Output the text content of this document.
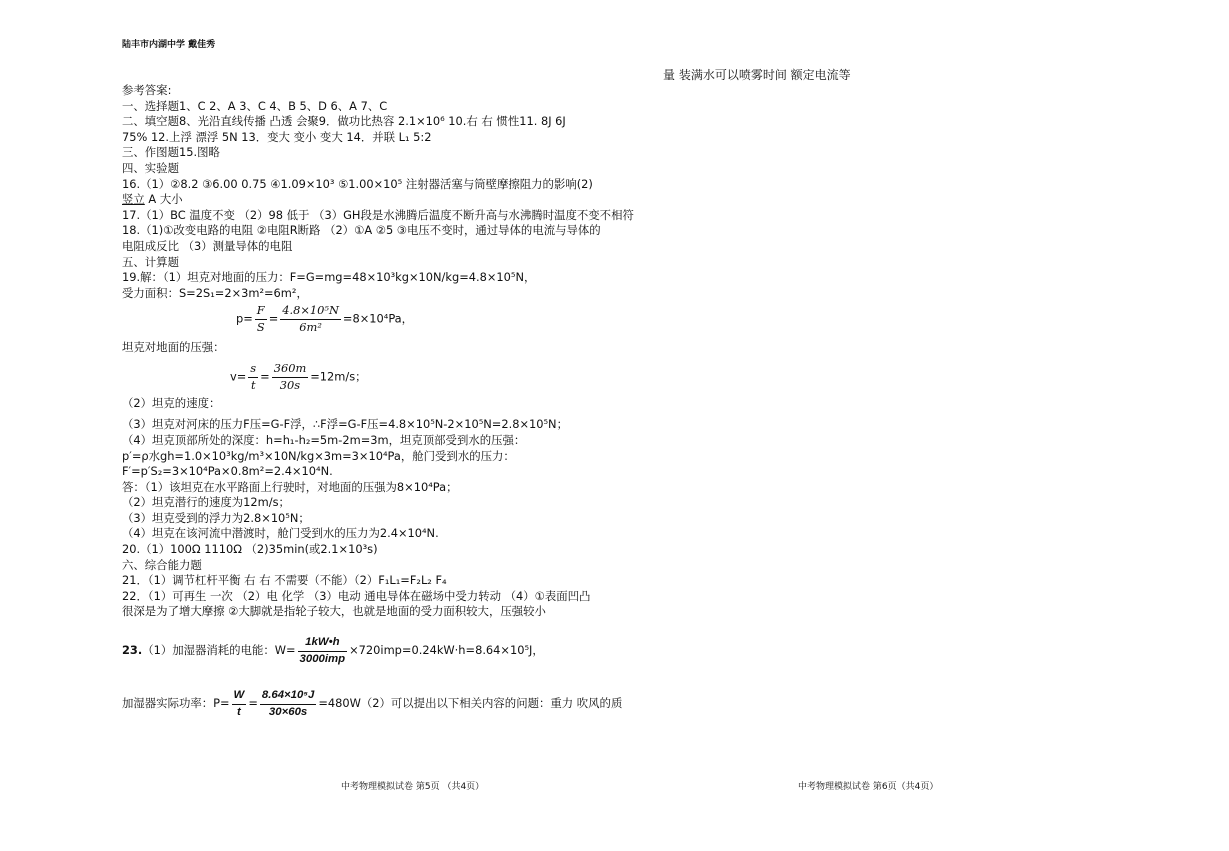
陆丰市内湖中学 戴佳秀
量 装满水可以喷雾时间 额定电流等
参考答案:
一、选择题1、C 2、A 3、C 4、B 5、D 6、A 7、C
二、填空题8、光沿直线传播 凸透 会聚9．做功比热容 2.1×10⁶ 10.右 右 惯性11. 8J 6J
75% 12.上浮 漂浮 5N 13．变大 变小 变大 14．并联 L₁ 5:2
三、作图题15.图略
四、实验题
16.（1）②8.2 ③6.00 0.75 ④1.09×10³ ⑤1.00×10⁵ 注射器活塞与筒壁摩擦阻力的影响(2)
竖立 A 大小
17.（1）BC 温度不变 （2）98 低于 （3）GH段是水沸腾后温度不断升高与水沸腾时温度不变不相符
18.（1)①改变电路的电阻 ②电阻R断路 （2）①A ②5 ③电压不变时，通过导体的电流与导体的
电阻成反比 （3）测量导体的电阻
五、计算题
19.解：（1）坦克对地面的压力：F=G=mg=48×10³kg×10N/kg=4.8×10⁵N，
受力面积：S=2S₁=2×3m²=6m²，
$p= \frac{F}{S} = \frac{\text{4.8×10⁵N}}{\text{6m²}} =8\times 10^4Pa$，
坦克对地面的压强：
$v= \frac{s}{t} = \frac{360m}{30s} =12m/s$；
（2）坦克的速度：
（3）坦克对河床的压力F压=G-F浮，∴F浮=G-F压=4.8×10⁵N-2×10⁵N=2.8×10⁵N；
（4）坦克顶部所处的深度：h=h₁-h₂=5m-2m=3m，坦克顶部受到水的压强：
p′=ρ水gh=1.0×10³kg/m³×10N/kg×3m=3×10⁴Pa，舱门受到水的压力：
F′=p′S₂=3×10⁴Pa×0.8m²=2.4×10⁴N.
答：（1）该坦克在水平路面上行驶时，对地面的压强为8×10⁴Pa；
（2）坦克潜行的速度为12m/s；
（3）坦克受到的浮力为2.8×10⁵N；
（4）坦克在该河流中潜渡时，舱门受到水的压力为2.4×10⁴N.
20.（1）100Ω 1110Ω （2)35min(或2.1×10³s)
六、综合能力题
21．（1）调节杠杆平衡 右 右 不需要（不能）（2）F₁L₁=F₂L₂ F₄
22．（1）可再生 一次 （2）电 化学 （3）电动 通电导体在磁场中受力转动 （4）①表面凹凸
很深是为了增大摩擦 ②大脚就是指轮子较大，也就是地面的受力面积较大，压强较小
23. （1）加湿器消耗的电能：$W= \frac{1kW•h}{\text{3000imp}} \times 720imp=0.24kW\cdot h=8.64\times 10^5J$，
加湿器实际功率：$P= \frac{W}{t} = \frac{\text{8.64×10⁵J}}{30\times 60s} =480W(2)$可以提出以下相关内容的问题：重力 吹风的质
中考物理模拟试卷 第5页 （共4页）	中考物理模拟试卷 第6页（共4页）
